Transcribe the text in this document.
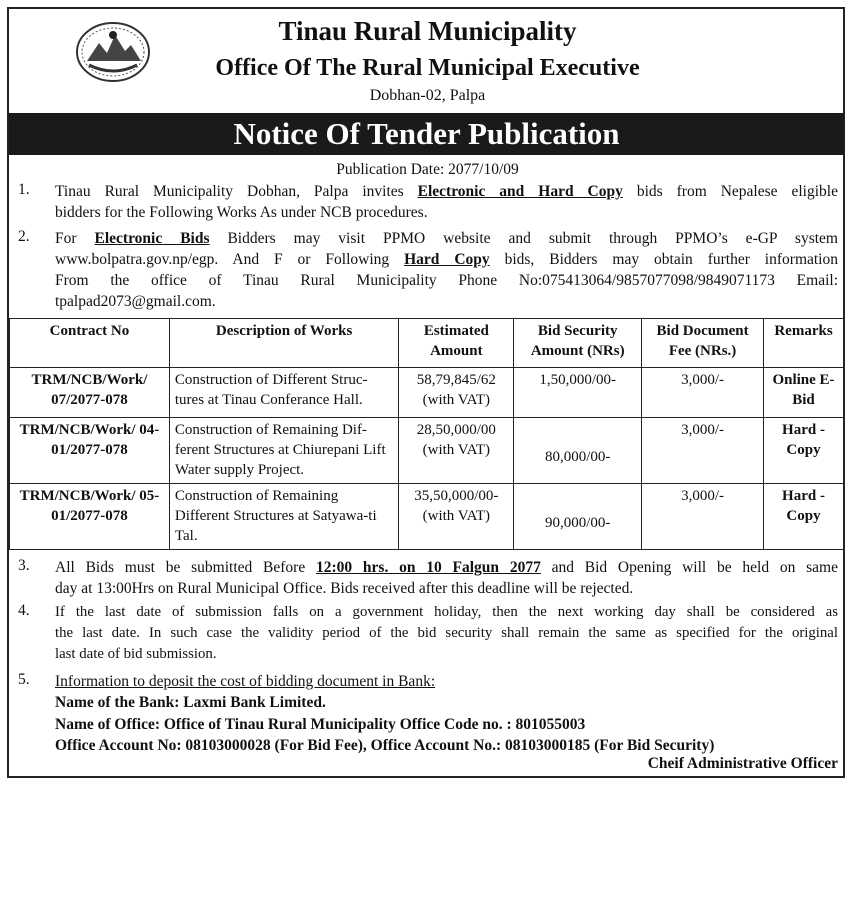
Tinau Rural Municipality
Office Of The Rural Municipal Executive
Dobhan-02, Palpa
Notice Of Tender Publication
Publication Date: 2077/10/09
1. Tinau Rural Municipality Dobhan, Palpa invites Electronic and Hard Copy bids from Nepalese eligible
bidders for the Following Works As under NCB procedures.
2. For Electronic Bids Bidders may visit PPMO website and submit through PPMO’s e-GP system
www.bolpatra.gov.np/egp. And F or Following Hard Copy bids, Bidders may obtain further information
From the office of Tinau Rural Municipality Phone No:075413064/9857077098/9849071173 Email:
tpalpad2073@gmail.com.
Contract No	Description of Works	Estimated Amount	Bid Security Amount (NRs)	Bid Document Fee (NRs.)	Remarks
TRM/NCB/Work/ 07/2077-078	Construction of Different Struc-tures at Tinau Conferance Hall.	58,79,845/62 (with VAT)	1,50,000/00-	3,000/-	Online E-Bid
TRM/NCB/Work/ 04-01/2077-078	Construction of Remaining Dif-ferent Structures at Chiurepani Lift Water supply Project.	28,50,000/00 (with VAT)	80,000/00-	3,000/-	Hard -Copy
TRM/NCB/Work/ 05-01/2077-078	Construction of Remaining Different Structures at Satyawa-ti Tal.	35,50,000/00- (with VAT)	90,000/00-	3,000/-	Hard - Copy
3. All Bids must be submitted Before 12:00 hrs. on 10 Falgun 2077 and Bid Opening will be held on same
day at 13:00Hrs on Rural Municipal Office. Bids received after this deadline will be rejected.
4. If the last date of submission falls on a government holiday, then the next working day shall be considered as
the last date. In such case the validity period of the bid security shall remain the same as specified for the original
last date of bid submission.
5. Information to deposit the cost of bidding document in Bank:
Name of the Bank: Laxmi Bank Limited.
Name of Office: Office of Tinau Rural Municipality Office Code no. : 801055003
Office Account No: 08103000028 (For Bid Fee), Office Account No.: 08103000185 (For Bid Security)
Cheif Administrative Officer
